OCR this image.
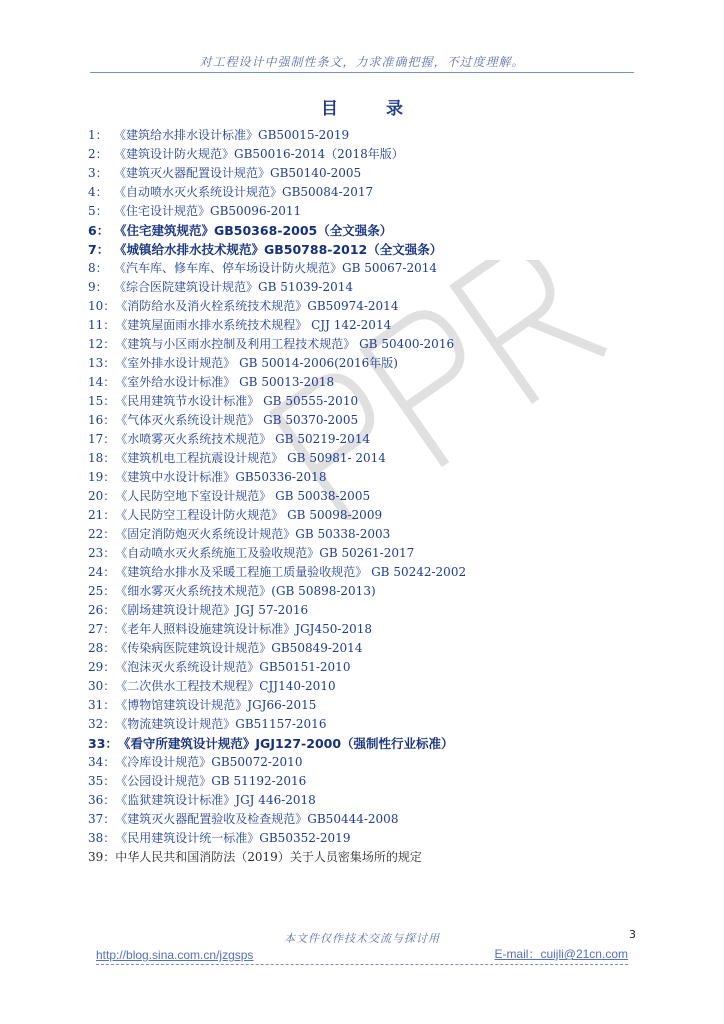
对工程设计中强制性条文，力求准确把握，不过度理解。
目	录
1： 《建筑给水排水设计标准》GB50015-2019
2： 《建筑设计防火规范》GB50016-2014（2018年版）
3： 《建筑灭火器配置设计规范》GB50140-2005
4： 《自动喷水灭火系统设计规范》GB50084-2017
5： 《住宅设计规范》GB50096-2011
6： 《住宅建筑规范》GB50368-2005（全文强条）
7： 《城镇给水排水技术规范》GB50788-2012（全文强条）
8： 《汽车库、修车库、停车场设计防火规范》GB 50067-2014
9： 《综合医院建筑设计规范》GB 51039-2014
10：《消防给水及消火栓系统技术规范》GB50974-2014
11：《建筑屋面雨水排水系统技术规程》 CJJ 142-2014
12：《建筑与小区雨水控制及利用工程技术规范》 GB 50400-2016
13：《室外排水设计规范》 GB 50014-2006(2016年版)
14：《室外给水设计标准》 GB 50013-2018
15：《民用建筑节水设计标准》 GB 50555-2010
16：《气体灭火系统设计规范》 GB 50370-2005
17：《水喷雾灭火系统技术规范》 GB 50219-2014
18：《建筑机电工程抗震设计规范》 GB 50981- 2014
19：《建筑中水设计标准》GB50336-2018
20：《人民防空地下室设计规范》 GB 50038-2005
21：《人民防空工程设计防火规范》 GB 50098-2009
22：《固定消防炮灭火系统设计规范》GB 50338-2003
23：《自动喷水灭火系统施工及验收规范》GB 50261-2017
24：《建筑给水排水及采暖工程施工质量验收规范》 GB 50242-2002
25：《细水雾灭火系统技术规范》(GB 50898-2013)
26：《剧场建筑设计规范》JGJ 57-2016
27：《老年人照料设施建筑设计标准》JGJ450-2018
28：《传染病医院建筑设计规范》GB50849-2014
29：《泡沫灭火系统设计规范》GB50151-2010
30：《二次供水工程技术规程》CJJ140-2010
31：《博物馆建筑设计规范》JGJ66-2015
32：《物流建筑设计规范》GB51157-2016
33：《看守所建筑设计规范》JGJ127-2000（强制性行业标准）
34：《冷库设计规范》GB50072-2010
35：《公园设计规范》GB 51192-2016
36：《监狱建筑设计标准》JGJ 446-2018
37：《建筑灭火器配置验收及检查规范》GB50444-2008
38：《民用建筑设计统一标准》GB50352-2019
39：中华人民共和国消防法（2019）关于人员密集场所的规定
本文件仅作技术交流与探讨用	3
http://blog.sina.com.cn/jzgsps	E-mail：cuijli@21cn.com
